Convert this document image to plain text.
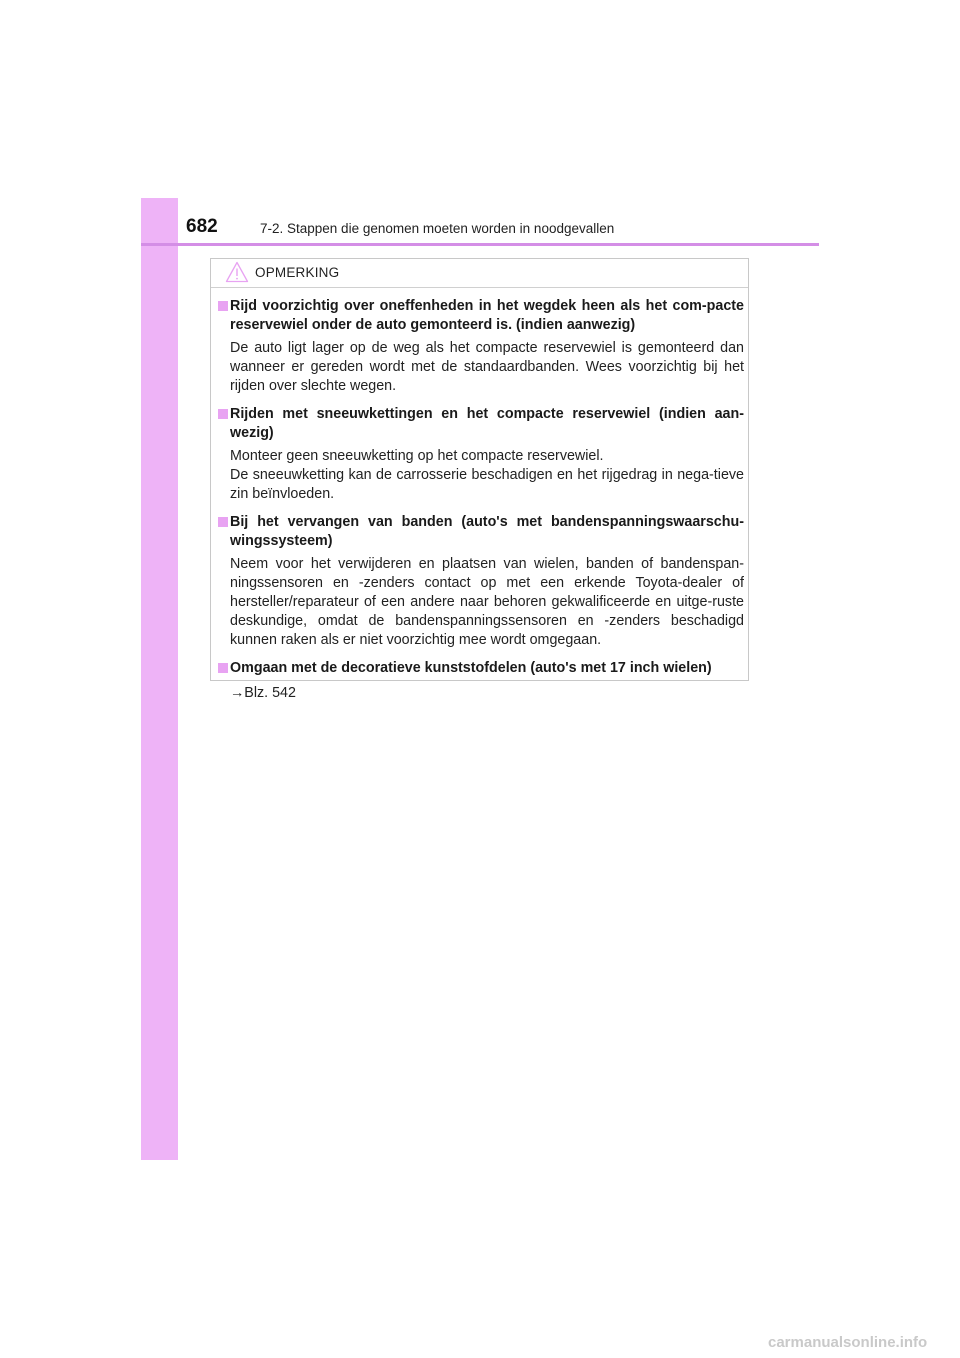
682	7-2. Stappen die genomen moeten worden in noodgevallen
OPMERKING
Rijd voorzichtig over oneffenheden in het wegdek heen als het com-pacte reservewiel onder de auto gemonteerd is. (indien aanwezig)

De auto ligt lager op de weg als het compacte reservewiel is gemonteerd dan wanneer er gereden wordt met de standaardbanden. Wees voorzichtig bij het rijden over slechte wegen.

Rijden met sneeuwkettingen en het compacte reservewiel (indien aan-wezig)

Monteer geen sneeuwketting op het compacte reservewiel.

De sneeuwketting kan de carrosserie beschadigen en het rijgedrag in nega-tieve zin beïnvloeden.

Bij het vervangen van banden (auto's met bandenspanningswaarschu-wingssysteem)

Neem voor het verwijderen en plaatsen van wielen, banden of bandenspan-ningssensoren en -zenders contact op met een erkende Toyota-dealer of hersteller/reparateur of een andere naar behoren gekwalificeerde en uitge-ruste deskundige, omdat de bandenspanningssensoren en -zenders beschadigd kunnen raken als er niet voorzichtig mee wordt omgegaan.

Omgaan met de decoratieve kunststofdelen (auto's met 17 inch wielen)
→Blz. 542
carmanualsonline.info
